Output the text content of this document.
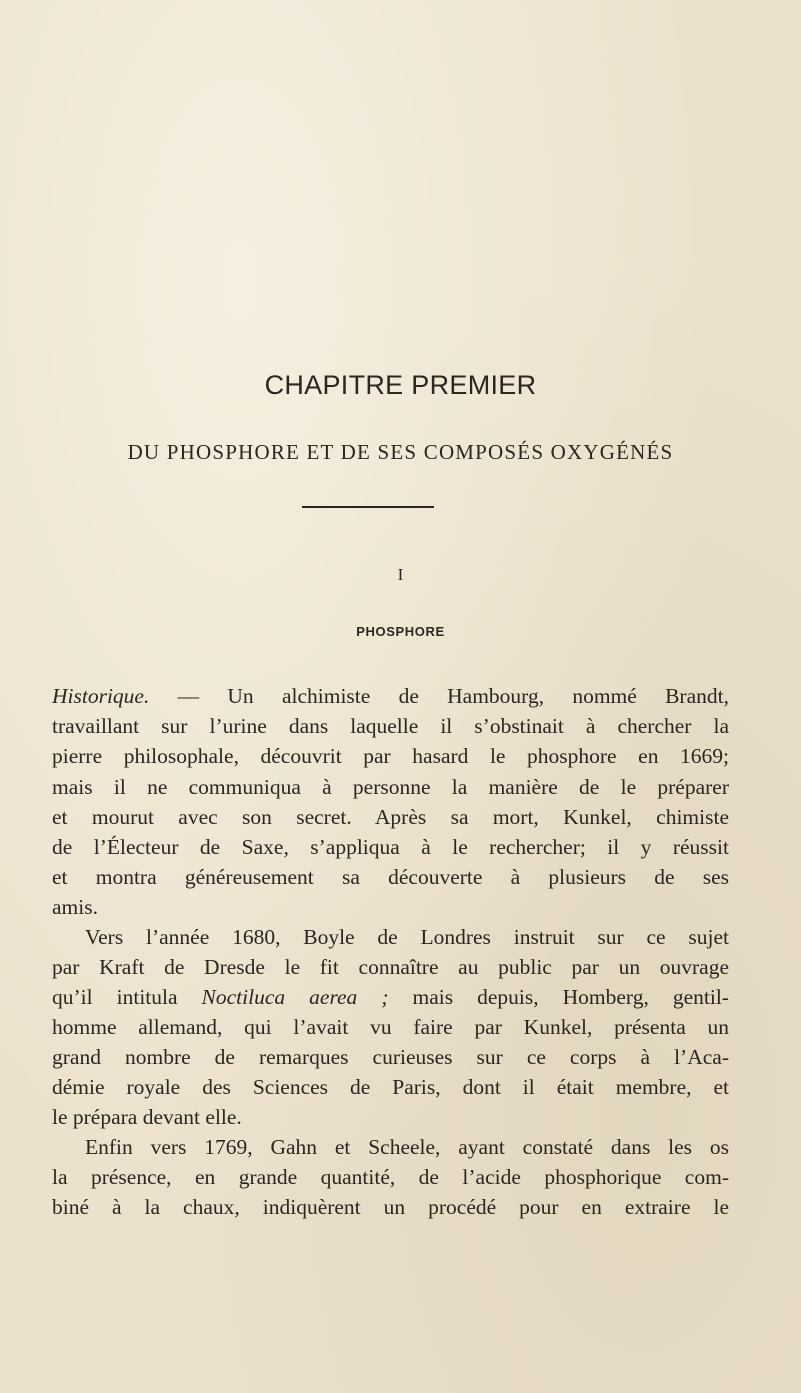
CHAPITRE PREMIER
DU PHOSPHORE ET DE SES COMPOSÉS OXYGÉNÉS
I
PHOSPHORE
Historique. — Un alchimiste de Hambourg, nommé Brandt,
travaillant sur l’urine dans laquelle il s’obstinait à chercher la
pierre philosophale, découvrit par hasard le phosphore en 1669;
mais il ne communiqua à personne la manière de le préparer
et mourut avec son secret. Après sa mort, Kunkel, chimiste
de l’Électeur de Saxe, s’appliqua à le rechercher; il y réussit
et montra généreusement sa découverte à plusieurs de ses
amis.
Vers l’année 1680, Boyle de Londres instruit sur ce sujet
par Kraft de Dresde le fit connaître au public par un ouvrage
qu’il intitula Noctiluca aerea ; mais depuis, Homberg, gentil-
homme allemand, qui l’avait vu faire par Kunkel, présenta un
grand nombre de remarques curieuses sur ce corps à l’Aca-
démie royale des Sciences de Paris, dont il était membre, et
le prépara devant elle.
Enfin vers 1769, Gahn et Scheele, ayant constaté dans les os
la présence, en grande quantité, de l’acide phosphorique com-
biné à la chaux, indiquèrent un procédé pour en extraire le
